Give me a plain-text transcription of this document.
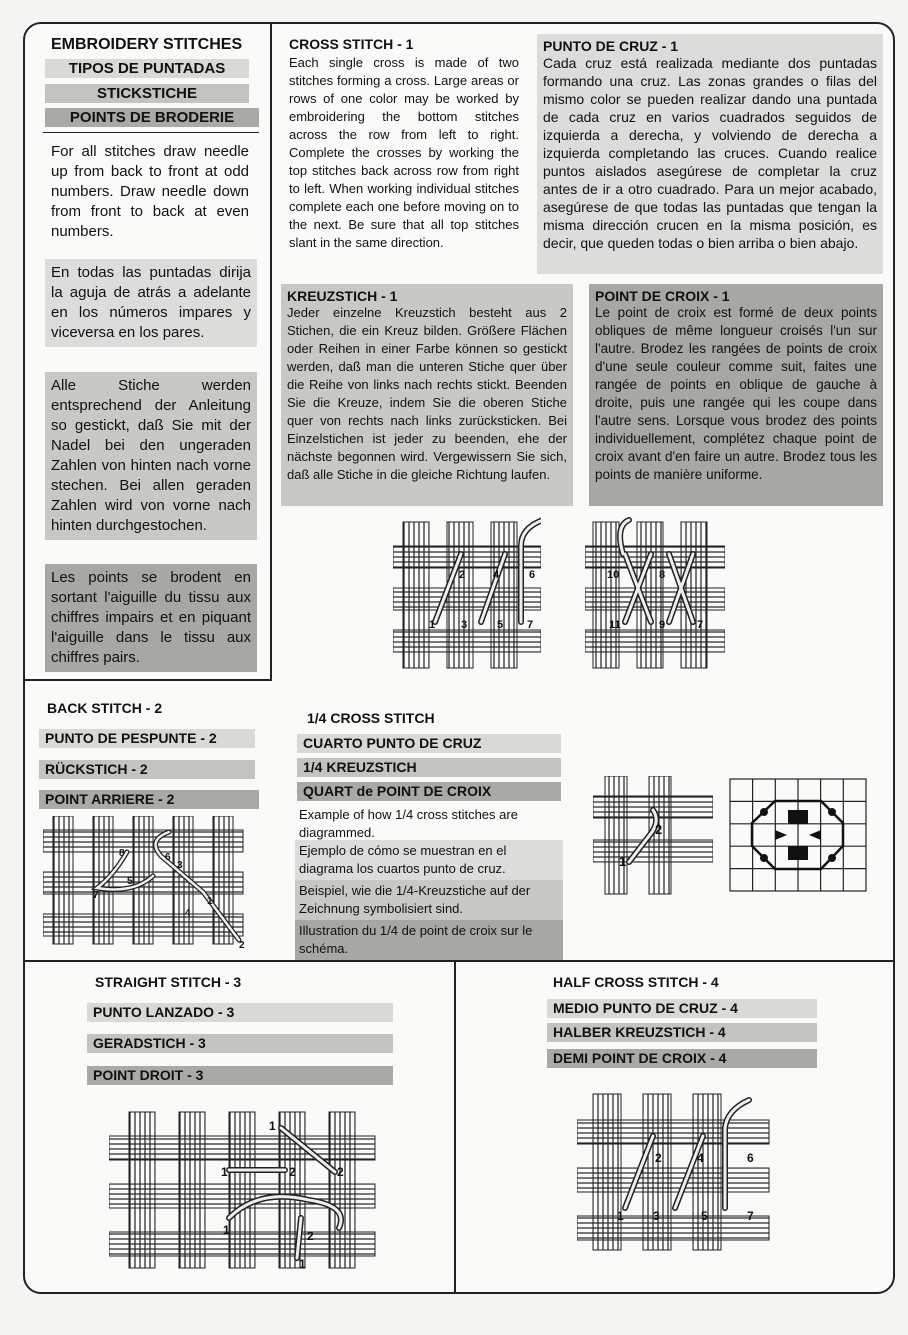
EMBROIDERY STITCHES
TIPOS DE PUNTADAS
STICKSTICHE
POINTS DE BRODERIE
For all stitches draw needle up from back to front at odd numbers. Draw needle down from front to back at even numbers.
En todas las puntadas dirija la aguja de atrás a adelante en los números impares y viceversa en los pares.
Alle Stiche werden entsprechend der Anleitung so gestickt, daß Sie mit der Nadel bei den ungeraden Zahlen von hinten nach vorne stechen. Bei allen geraden Zahlen wird von vorne nach hinten durchgestochen.
Les points se brodent en sortant l'aiguille du tissu aux chiffres impairs et en piquant l'aiguille dans le tissu aux chiffres pairs.
CROSS STITCH - 1
Each single cross is made of two stitches forming a cross. Large areas or rows of one color may be worked by embroidering the bottom stitches across the row from left to right. Complete the crosses by working the top stitches back across row from right to left. When working individual stitches complete each one before moving on to the next. Be sure that all top stitches slant in the same direction.
PUNTO DE CRUZ - 1
Cada cruz está realizada mediante dos puntadas formando una cruz. Las zonas grandes o filas del mismo color se pueden realizar dando una puntada de cada cruz en varios cuadrados seguidos de izquierda a derecha, y volviendo de derecha a izquierda completando las cruces. Cuando realice puntos aislados asegúrese de completar la cruz antes de ir a otro cuadrado. Para un mejor acabado, asegúrese de que todas las puntadas que tengan la misma dirección crucen en la misma posición, es decir, que queden todas o bien arriba o bien abajo.
KREUZSTICH - 1
Jeder einzelne Kreuzstich besteht aus 2 Stichen, die ein Kreuz bilden. Größere Flächen oder Reihen in einer Farbe können so gestickt werden, daß man die unteren Stiche quer über die Reihe von links nach rechts stickt. Beenden Sie die Kreuze, indem Sie die oberen Stiche quer von rechts nach links zurücksticken. Bei Einzelstichen ist jeder zu beenden, ehe der nächste begonnen wird. Vergewissern Sie sich, daß alle Stiche in die gleiche Richtung laufen.
POINT DE CROIX - 1
Le point de croix est formé de deux points obliques de même longueur croisés l'un sur l'autre. Brodez les rangées de points de croix d'une seule couleur comme suit, faites une rangée de points en oblique de gauche à droite, puis une rangée qui les coupe dans l'autre sens. Lorsque vous brodez des points individuellement, complétez chaque point de croix avant d'en faire un autre. Brodez tous les points de manière uniforme.
2	4	6
1 3	5 7
10	8
11	9	7
BACK STITCH - 2
PUNTO DE PESPUNTE - 2
RÜCKSTICH - 2
POINT ARRIERE - 2
8	6
3
5
7
1
4
2
1/4 CROSS STITCH
CUARTO PUNTO DE CRUZ
1/4 KREUZSTICH
QUART de POINT DE CROIX
Example of how 1/4 cross stitches are diagrammed.
Ejemplo de cómo se muestran en el diagrama los cuartos punto de cruz.
Beispiel, wie die 1/4-Kreuzstiche auf der Zeichnung symbolisiert sind.
Illustration du 1/4 de point de croix sur le schéma.
2
1
STRAIGHT STITCH - 3
PUNTO LANZADO - 3
GERADSTICH - 3
POINT DROIT - 3
1
1	2	2
1	2
1
HALF CROSS STITCH - 4
MEDIO PUNTO DE CRUZ - 4
HALBER KREUZSTICH - 4
DEMI POINT DE CROIX - 4
2	4	6
1 3	5	7
